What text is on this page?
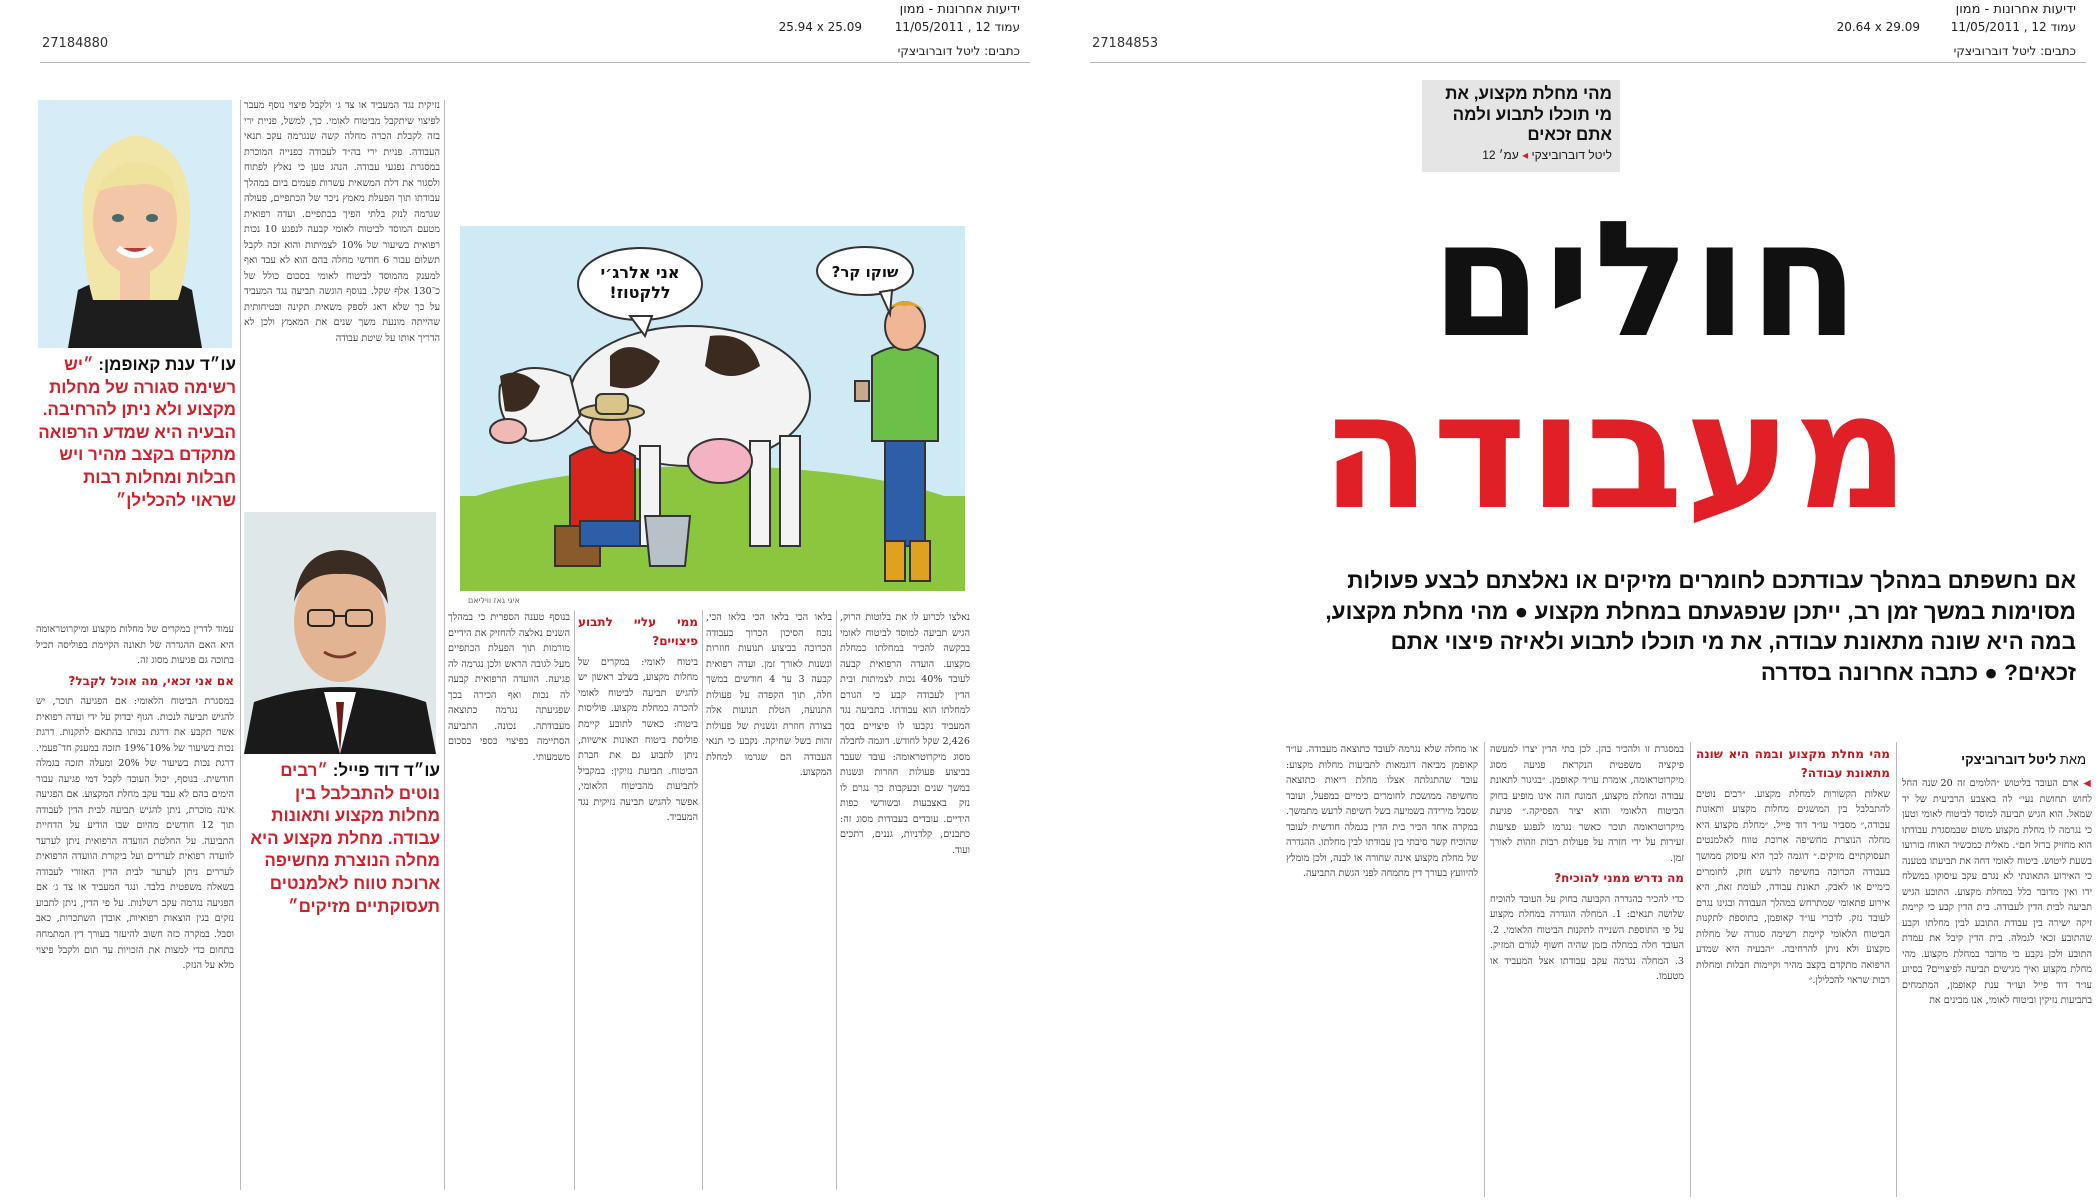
ידיעות אחרונות - ממון
עמוד 12 , 11/05/2011
25.94 x 25.09
כתבים: ליטל דוברוביצקי
27184880
עו״ד ענת קאופמן: ״יש רשימה סגורה של מחלות מקצוע ולא ניתן להרחיבה. הבעיה היא שמדע הרפואה מתקדם בקצב מהיר ויש חבלות ומחלות רבות שראוי להכלילן״
עמוד לדרין במקרים של מחלות מקצוע ומיקרוטראומה היא האם ההגדרה של תאונה הקיימת בפוליסה תכיל בתוכה גם פגיעות מסוג זה.
אם אני זכאי, מה אוכל לקבל?
במסגרת הביטוח הלאומי: אם הפגיעה תוכר, יש להגיש תביעה לנכות. הגוף יבדוק על ידי ועדה רפואית אשר תקבע את דרגת נכותו בהתאם לתקנות. דרגת נכות בשיעור של 10%־19% תזכה במענק חד־פעמי. דרגת נכות בשיעור של 20% ומעלה תזכה בגמלה חודשית. בנוסף, יכול העובד לקבל דמי פגיעה עבור הימים בהם לא עבד עקב מחלת המקצוע. אם הפגיעה אינה מוכרת, ניתן להגיש תביעה לבית הדין לעבודה תוך 12 חודשים מהיום שבו הודיע על הדחיית התביעה. על החלטת הוועדה הרפואית ניתן לערער לוועדה רפואית לעררים ועל ביקורת הוועדה הרפואית לעררים ניתן לערער לבית הדין האזורי לעבודה בשאלה משפטית בלבד. ונגד המעביד או צד ג׳ אם הפגיעה נגרמה עקב רשלנות. על פי הדין, ניתן לתבוע נזקים בגין הוצאות רפואיות, אובדן השתכרות, כאב וסבל. במקרה כזה חשוב להיעזר בעורך דין המתמחה בתחום כדי למצות את הזכויות עד תום ולקבל פיצוי מלא על הנזק.
נזיקית נגד המעביד או צד ג׳ ולקבל פיצוי נוסף מעבר לפיצוי שיתקבל מביטוח לאומי. כך, למשל, פניית ירי בזה לקבלת הכרה מחלה קשה שנגרמה עקב תנאי העבודה. פניית ירי בה״ד לעבודה כפנייה המוכרת במסגרת נפגעי עבודה. הנהג טען כי נאלץ לפתוח ולסגור את דלת המשאית עשרות פעמים ביום במהלך עבודתו תוך הפעלת מאמץ ניכר של הכתפיים, פעולה שגרמה לנזק בלתי הפיך בכתפיים. ועדה רפואית מטעם המוסד לביטוח לאומי קבעה לנפגע 10 נכות רפואית בשיעור של 10% לצמיתות והוא זכה לקבל תשלום עבור 6 חודשי מחלה בהם הוא לא עבד ואף למענק מהמוסד לביטוח לאומי בסכום כולל של כ־130 אלף שקל. בנוסף הוגשה תביעה נגד המעביד על כך שלא דאג לספק משאית תקינה ובטיחותית שהייתה מונעת משך שנים את המאמץ ולכן לא הדריך אותו על שיטת עבודה
עו״ד דוד פייל: ״רבים נוטים להתבלבל בין מחלות מקצוע ותאונות עבודה. מחלת מקצוע היא מחלה הנוצרת מחשיפה ארוכת טווח לאלמנטים תעסוקתיים מזיקים״
אני אלרג׳י ללקטוז!
שוקו קר?
איגי גאז וויליאם
בנוסף טענה הספרית כי במהלך השנים נאלצה להחזיק את הידיים מורמות תוך הפעלת הכתפיים מעל לגובה הראש ולכן נגרמה לה פגיעה. הוועדה הרפואית קבעה לה נכות ואף הכירה בכך שפגיעתה נגרמה כתוצאה מעבודתה. נכונה. התביעה הסתיימה בפיצוי כספי בסכום משמעותי.
ממי עליי לתבוע פיצויים?
ביטוח לאומי: במקרים של מחלות מקצוע, בשלב ראשון יש להגיש תביעה לביטוח לאומי להכרה כמחלת מקצוע. פוליסות ביטוח: כאשר לתובע קיימת פוליסת ביטוח תאונות אישיות, ניתן לתבוע גם את חברת הביטוח. תביעת נזיקין: במקביל לתביעות מהביטוח הלאומי, אפשר להגיש תביעה נזיקית נגד המעביד.
בלאו הכי בלאו הכי בלאו הכי, נוכח הסיכון הכרוך בעבודה הכרוכה בביצוע תנועות חוזרות ונשנות לאורך זמן. ועדה רפואית קבעה 3 עד 4 חודשים במשך חלה, תוך הקפדה על פעולות התנועה, הטלת תנועות אלה בצורה חוזרת ונשנית של פעולות זהות בשל שחיקה. נקבע כי תנאי העבודה הם שגרמו למחלת המקצוע.
נאלצו לכרוע לו את בלוטות הרוק, הגיש תביעה למוסד לביטוח לאומי בבקשה להכיר במחלתו כמחלת מקצוע. הועדה הרפואית קבעה לעובד 40% נכות לצמיתות ובית הדין לעבודה קבע כי הגורם למחלתו הוא עבודתו. בתביעה נגד המעביד נקבעו לו פיצויים בסך 2,426 שקל לחודש. דוגמה לחבלה מסוג מיקרוטראומה: עובד שעבד בביצוע פעולות חוזרות ונשנות במשך שנים ובעקבות כך נגרם לו נזק באצבעות ובשורשי כפות הידיים. עובדים בעבודות מסוג זה: כתבנים, קלדניות, גננים, רתכים ועוד.
ידיעות אחרונות - ממון
עמוד 12 , 11/05/2011
20.64 x 29.09
כתבים: ליטל דוברוביצקי
27184853
מהי מחלת מקצוע, את מי תוכלו לתבוע ולמה אתם זכאים
ליטל דוברוביצקי ◂ עמ׳ 12
חולים
מעבודה
אם נחשפתם במהלך עבודתכם לחומרים מזיקים או נאלצתם לבצע פעולות מסוימות במשך זמן רב, ייתכן שנפגעתם במחלת מקצוע ● מהי מחלת מקצוע, במה היא שונה מתאונת עבודה, את מי תוכלו לתבוע ולאיזה פיצוי אתם זכאים? ● כתבה אחרונה בסדרה
מאת ליטל דוברוביצקי
◀ ארם העובד בליטוש ״הלומים זה 20 שנה החל לחוש תחושת נעי״ לה באצבע הרביעית של יד שמאל. הוא הגיש תביעה למוסד לביטוח לאומי וטען כי נגרמה לו מחלת מקצוע משום שבמסגרת עבודתו הוא מחזיק ברזל חם״. מאלית כמכשיר האוחז בזרועו בשעת ליטוש. ביטוח לאומי דחה את תביעתו בטענה כי האירוע התאונתי לא נגרם עקב עיסוקו במשלח ידו ואין מדובר כלל במחלת מקצוע. התובע הגיש תביעה לבית הדין לעבודה. בית הדין קבע כי קיימת זיקה ישירה בין עבודת התובע לבין מחלתו וקבע שהתובע זכאי לגמלה. בית הדין קיבל את עמדת התובע ולכן נקבע כי מדובר במחלת מקצוע. מהי מחלת מקצוע ואיך מגישים תביעה לפיצויים? בסיוע עו״ד דוד פייל ועו״ד ענת קאופמן, המתמחים בתביעות נזיקין וביטוח לאומי, אנו מבינים את
מהי מחלת מקצוע ובמה היא שונה מתאונת עבודה?
שאלות הקשורות למחלת מקצוע. ״רבים נוטים להתבלבל בין המושגים מחלות מקצוע ותאונות עבודה,״ מסביר עו״ד דוד פייל. ״מחלת מקצוע היא מחלה הנוצרת מחשיפה ארוכת טווח לאלמנטים תעסוקתיים מזיקים.״ דוגמה לכך היא עיסוק ממושך בעבודה הכרוכה בחשיפה לרעש חזק, לחומרים כימיים או לאבק. תאונת עבודה, לעומת זאת, היא אירוע פתאומי שמתרחש במהלך העבודה ובגינו נגרם לעובד נזק. לדברי עו״ד קאופמן, בתוספת לתקנות הביטוח הלאומי קיימת רשימה סגורה של מחלות מקצוע ולא ניתן להרחיבה. ״הבעיה היא שמדע הרפואה מתקדם בקצב מהיר וקיימות חבלות ומחלות רבות שראוי להכלילן.״
במסגרת זו ולהכיר בהן. לכן בתי הדין יצרו למעשה פיקציה משפטית הנקראת פגיעה מסוג מיקרוטראומה, אומרת עו״ד קאופמן. ״בגיגור לתאונת עבודה ומחלת מקצוע, המונח הזה אינו מופיע בחוק הביטוח הלאומי והוא יציר הפסיקה.״ פגיעת מיקרוטראומה תוכר כאשר נגרמו לנפגע פציעות זעירות על ידי חזרה על פעולות רבות וזהות לאורך זמן.
מה נדרש ממני להוכיח?
כדי להכיר בהגדרה הקבועה בחוק על העובד להוכיח שלושה תנאים: 1. המחלה הוגדרה במחלת מקצוע על פי התוספת השנייה לתקנות הביטוח הלאומי. 2. העובד חלה במחלה בזמן שהיה חשוף לגורם המזיק. 3. המחלה נגרמה עקב עבודתו אצל המעביד או מטעמו.
או מחלה שלא נגרמה לעובד כתוצאה מעבודה. עו״ד קאופמן מביאה דוגמאות לתביעות מחלות מקצוע: עובד שהתגלתה אצלו מחלת ריאות כתוצאה מחשיפה ממושכת לחומרים כימיים במפעל, ועובד שסבל מירידה בשמיעה בשל חשיפה לרעש מתמשך. במקרה אחד הכיר בית הדין בגמלה חודשית לעובד שהוכיח קשר סיבתי בין עבודתו לבין מחלתו. ההגדרה של מחלת מקצוע אינה שחורה או לבנה, ולכן מומלץ להיוועץ בעורך דין מתמחה לפני הגשת התביעה.
